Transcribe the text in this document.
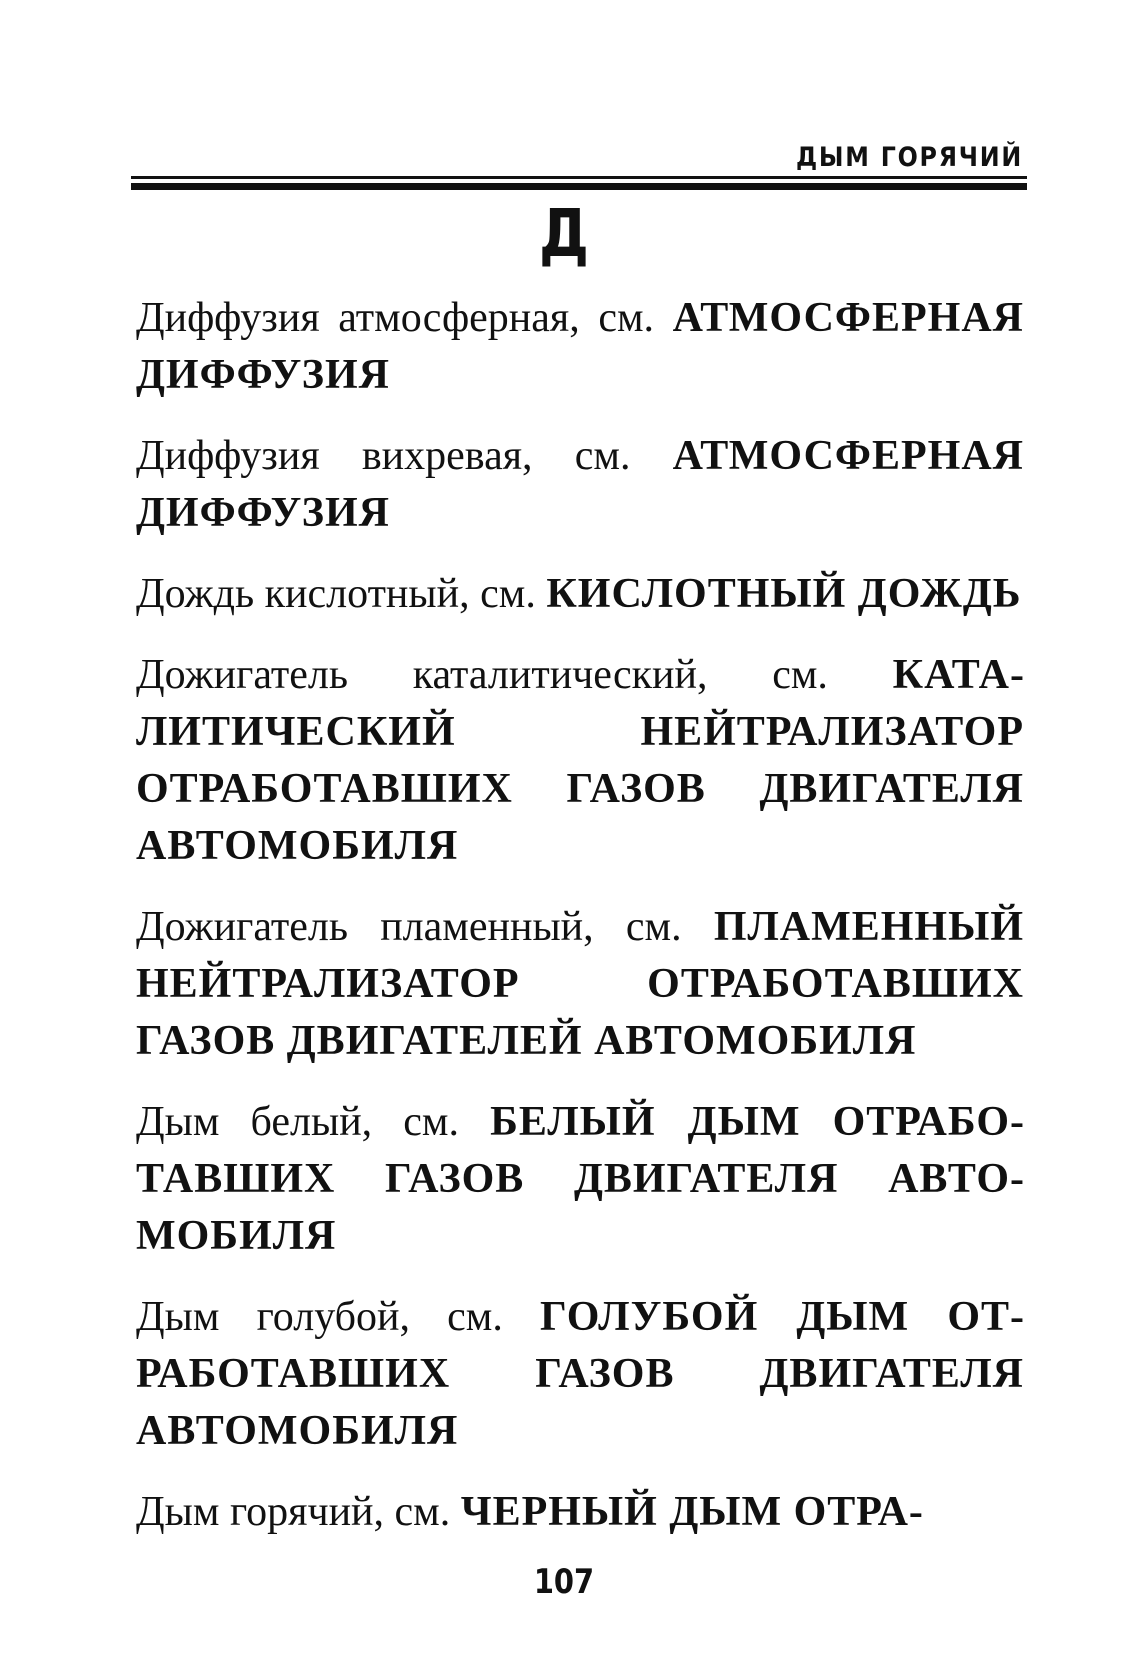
ДЫМ ГОРЯЧИЙ
Д

Диффузия атмосферная, см. АТМОСФЕРНАЯ ДИФФУЗИЯ

Диффузия вихревая, см. АТМОСФЕРНАЯ ДИФФУЗИЯ

Дождь кислотный, см. КИСЛОТНЫЙ ДОЖДЬ

Дожигатель каталитический, см. КАТАЛИТИЧЕСКИЙ НЕЙТРАЛИЗАТОР ОТРАБОТАВШИХ ГАЗОВ ДВИГАТЕЛЯ АВТОМОБИЛЯ

Дожигатель пламенный, см. ПЛАМЕННЫЙ НЕЙТРАЛИЗАТОР ОТРАБОТАВШИХ ГАЗОВ ДВИГАТЕЛЕЙ АВТОМОБИЛЯ

Дым белый, см. БЕЛЫЙ ДЫМ ОТРАБОТАВШИХ ГАЗОВ ДВИГАТЕЛЯ АВТОМОБИЛЯ

Дым голубой, см. ГОЛУБОЙ ДЫМ ОТРАБОТАВШИХ ГАЗОВ ДВИГАТЕЛЯ АВТОМОБИЛЯ

Дым горячий, см. ЧЕРНЫЙ ДЫМ ОТРА-

107
